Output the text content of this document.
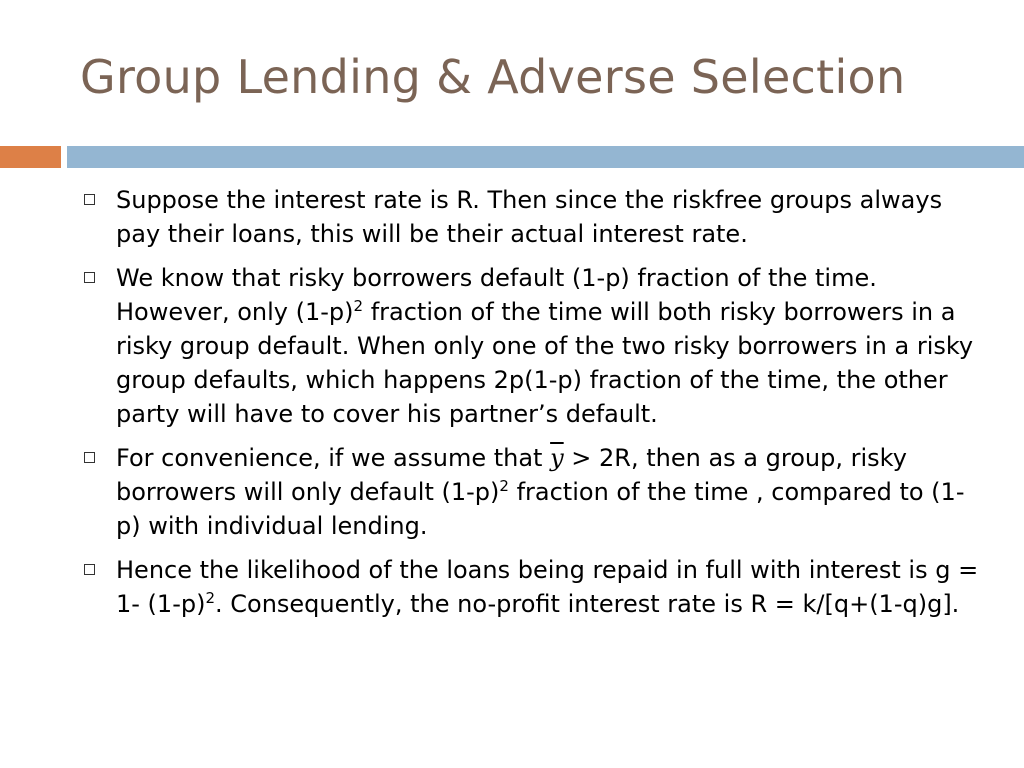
Group Lending & Adverse Selection
Suppose the interest rate is R. Then since the riskfree groups always pay their loans, this will be their actual interest rate.
We know that risky borrowers default (1-p) fraction of the time. However, only $(1-p)^2$ fraction of the time will both risky borrowers in a risky group default. When only one of the two risky borrowers in a risky group defaults, which happens 2p(1-p) fraction of the time, the other party will have to cover his partner’s default.
For convenience, if we assume that $\overline{y} > 2R$, then as a group, risky borrowers will only default $(1-p)^2$ fraction of the time , compared to (1-p) with individual lending.
Hence the likelihood of the loans being repaid in full with interest is g = 1- $(1-p)^2$. Consequently, the no-profit interest rate is R = k/[q+(1-q)g].
